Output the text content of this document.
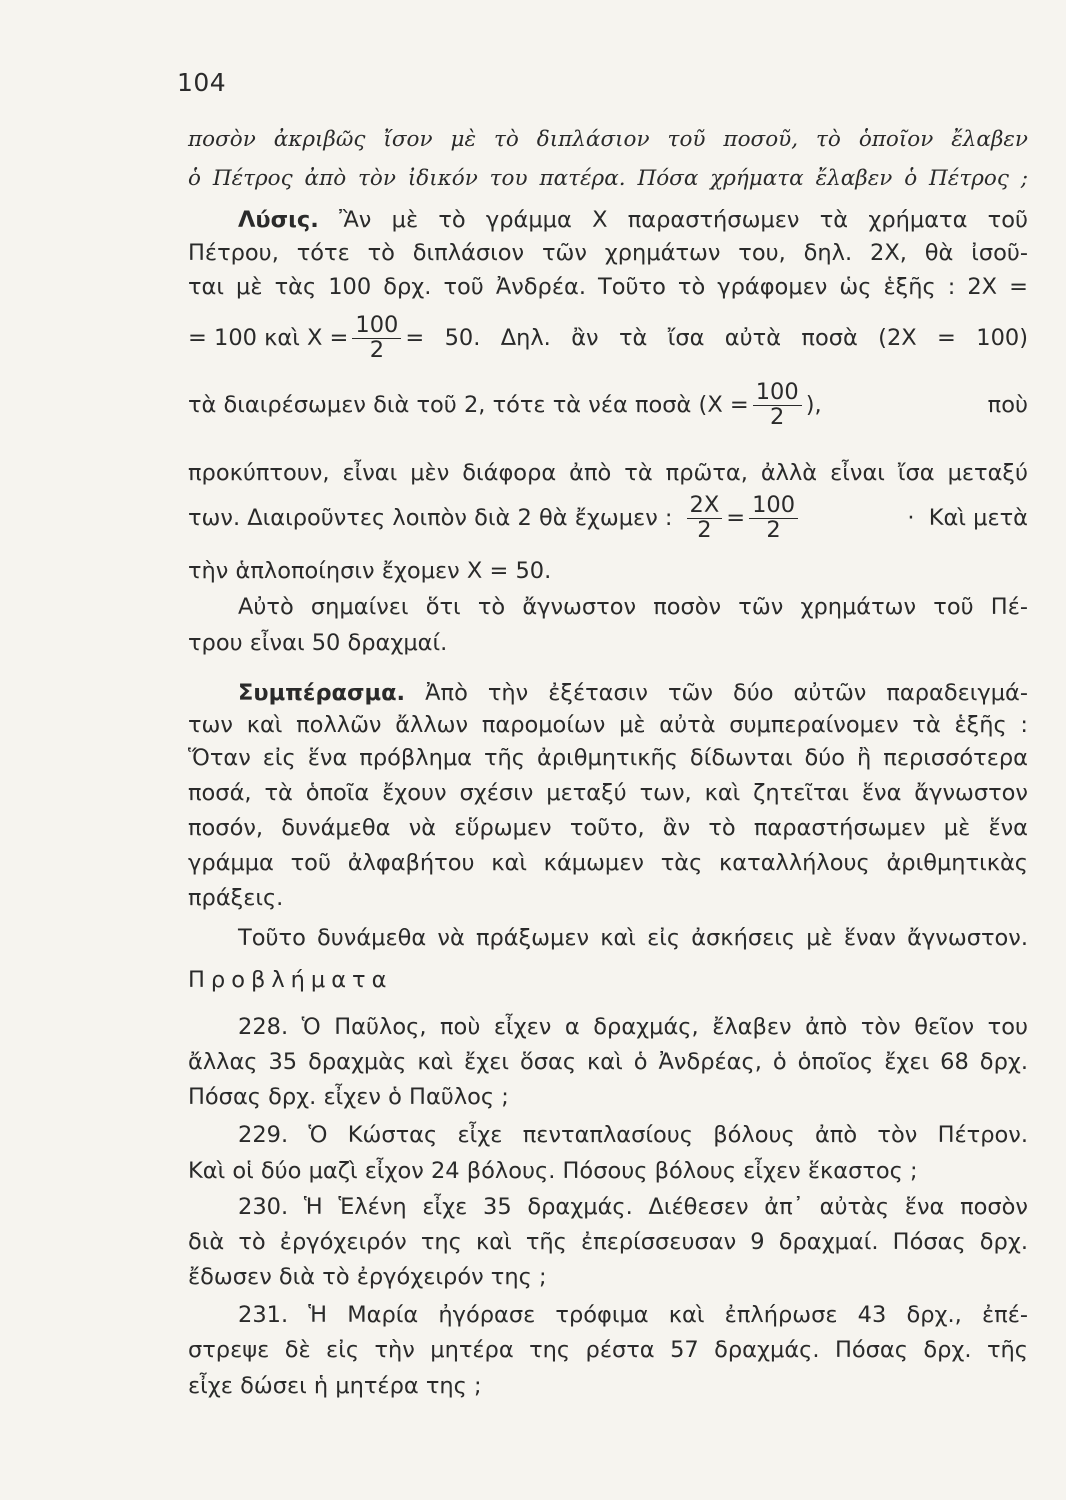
104
ποσὸν ἀκριβῶς ἴσον μὲ τὸ διπλάσιον τοῦ ποσοῦ, τὸ ὁποῖον ἔλαβεν
ὁ Πέτρος ἀπὸ τὸν ἰδικόν του πατέρα. Πόσα χρήματα ἔλαβεν ὁ Πέτρος ;
Λύσις. Ἂν μὲ τὸ γράμμα Χ παραστήσωμεν τὰ χρήματα τοῦ
Πέτρου, τότε τὸ διπλάσιον τῶν χρημάτων του, δηλ. 2Χ, θὰ ἰσοῦ-
ται μὲ τὰς 100 δρχ. τοῦ Ἀνδρέα. Τοῦτο τὸ γράφομεν ὡς ἑξῆς : 2Χ =
= 100 καὶ $X = \frac{100}{2} = 50$. Δηλ. ἂν τὰ ἴσα αὐτὰ ποσὰ (2Χ = 100)
τὰ διαιρέσωμεν διὰ τοῦ 2, τότε τὰ νέα ποσὰ ($X = \frac{100}{2}$ ),   ποὺ
προκύπτουν, εἶναι μὲν διάφορα ἀπὸ τὰ πρῶτα, ἀλλὰ εἶναι ἴσα μεταξύ
των. Διαιροῦντες λοιπὸν διὰ 2 θὰ ἔχωμεν : $\frac{2X}{2} = \frac{100}{2}$	·  Καὶ μετὰ
τὴν ἁπλοποίησιν ἔχομεν Χ = 50.
Αὐτὸ σημαίνει ὅτι τὸ ἄγνωστον ποσὸν τῶν χρημάτων τοῦ Πέ-
τρου εἶναι 50 δραχμαί.
Συμπέρασμα. Ἀπὸ τὴν ἐξέτασιν τῶν δύο αὐτῶν παραδειγμά-
των καὶ πολλῶν ἄλλων παρομοίων μὲ αὐτὰ συμπεραίνομεν τὰ ἑξῆς :
Ὅταν εἰς ἕνα πρόβλημα τῆς ἀριθμητικῆς δίδωνται δύο ἢ περισσότερα
ποσά, τὰ ὁποῖα ἔχουν σχέσιν μεταξύ των, καὶ ζητεῖται ἕνα ἄγνωστον
ποσόν, δυνάμεθα νὰ εὕρωμεν τοῦτο, ἂν τὸ παραστήσωμεν μὲ ἕνα
γράμμα τοῦ ἀλφαβήτου καὶ κάμωμεν τὰς καταλλήλους ἀριθμητικὰς
πράξεις.
Τοῦτο δυνάμεθα νὰ πράξωμεν καὶ εἰς ἀσκήσεις μὲ ἕναν ἄγνωστον.
Προβλήματα
228. Ὁ Παῦλος, ποὺ εἶχεν α δραχμάς, ἔλαβεν ἀπὸ τὸν θεῖον του
ἄλλας 35 δραχμὰς καὶ ἔχει ὅσας καὶ ὁ Ἀνδρέας, ὁ ὁποῖος ἔχει 68 δρχ.
Πόσας δρχ. εἶχεν ὁ Παῦλος ;
229. Ὁ Κώστας εἶχε πενταπλασίους βόλους ἀπὸ τὸν Πέτρον.
Καὶ οἱ δύο μαζὶ εἶχον 24 βόλους. Πόσους βόλους εἶχεν ἕκαστος ;
230. Ἡ Ἑλένη εἶχε 35 δραχμάς. Διέθεσεν ἀπ᾿ αὐτὰς ἕνα ποσὸν
διὰ τὸ ἐργόχειρόν της καὶ τῆς ἐπερίσσευσαν 9 δραχμαί. Πόσας δρχ.
ἔδωσεν διὰ τὸ ἐργόχειρόν της ;
231. Ἡ Μαρία ἠγόρασε τρόφιμα καὶ ἐπλήρωσε 43 δρχ., ἐπέ-
στρεψε δὲ εἰς τὴν μητέρα της ρέστα 57 δραχμάς. Πόσας δρχ. τῆς
εἶχε δώσει ἡ μητέρα της ;
